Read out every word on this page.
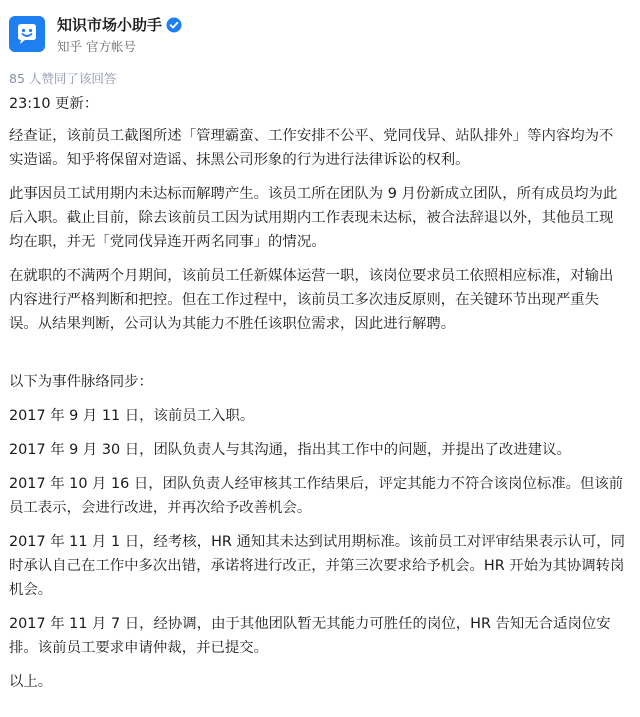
知识市场小助手
知乎 官方帐号
85 人赞同了该回答

23:10 更新：

经查证，该前员工截图所述「管理霸蛮、工作安排不公平、党同伐异、站队排外」等内容均为不实造谣。知乎将保留对造谣、抹黑公司形象的行为进行法律诉讼的权利。

此事因员工试用期内未达标而解聘产生。该员工所在团队为 9 月份新成立团队，所有成员均为此后入职。截止目前，除去该前员工因为试用期内工作表现未达标，被合法辞退以外，其他员工现均在职，并无「党同伐异连开两名同事」的情况。

在就职的不满两个月期间，该前员工任新媒体运营一职，该岗位要求员工依照相应标准，对输出内容进行严格判断和把控。但在工作过程中，该前员工多次违反原则，在关键环节出现严重失误。从结果判断，公司认为其能力不胜任该职位需求，因此进行解聘。

以下为事件脉络同步：

2017 年 9 月 11 日，该前员工入职。

2017 年 9 月 30 日，团队负责人与其沟通，指出其工作中的问题，并提出了改进建议。

2017 年 10 月 16 日，团队负责人经审核其工作结果后，评定其能力不符合该岗位标准。但该前员工表示，会进行改进，并再次给予改善机会。

2017 年 11 月 1 日，经考核，HR 通知其未达到试用期标准。该前员工对评审结果表示认可，同时承认自己在工作中多次出错，承诺将进行改正，并第三次要求给予机会。HR 开始为其协调转岗机会。

2017 年 11 月 7 日，经协调，由于其他团队暂无其能力可胜任的岗位，HR 告知无合适岗位安排。该前员工要求申请仲裁，并已提交。

以上。
